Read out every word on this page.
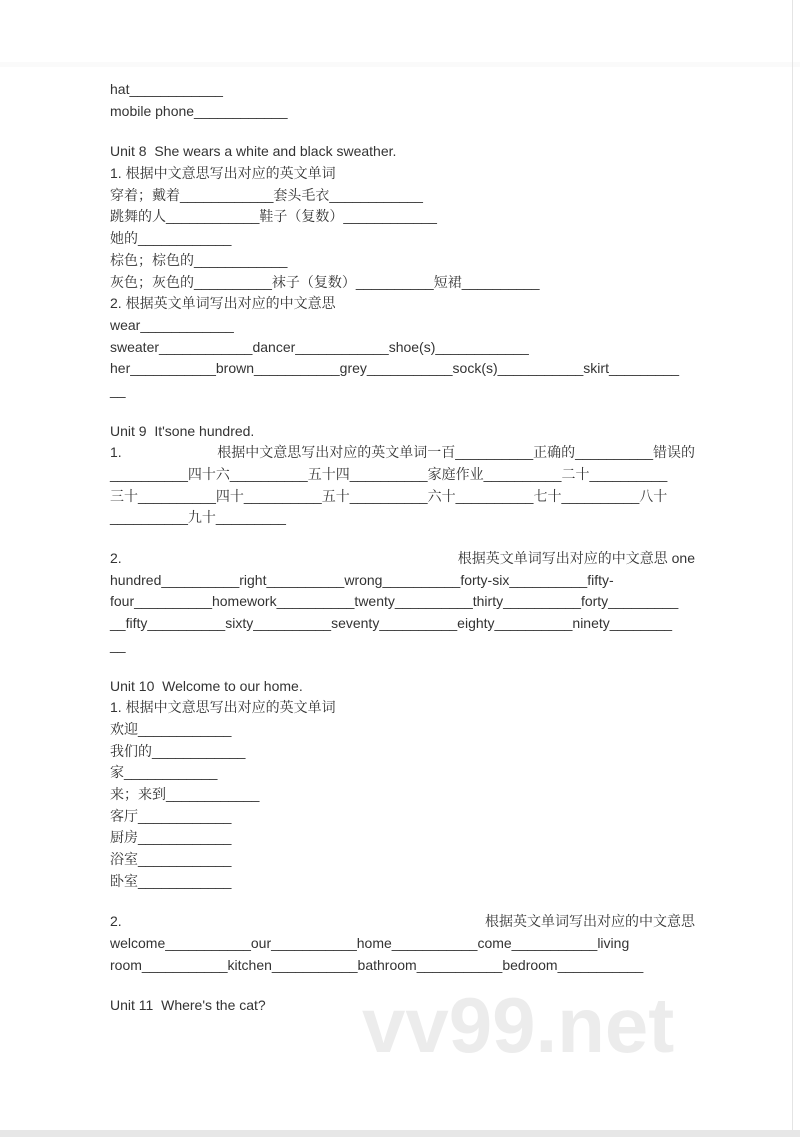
vv99.net
hat____________
mobile phone____________
Unit 8  She wears a white and black sweather.
1. 根据中文意思写出对应的英文单词
穿着；戴着____________套头毛衣____________
跳舞的人____________鞋子（复数）____________
她的____________
棕色；棕色的____________
灰色；灰色的__________袜子（复数）__________短裙__________
2. 根据英文单词写出对应的中文意思
wear____________
sweater____________dancer____________shoe(s)____________
her___________brown___________grey___________sock(s)___________skirt_________
__
Unit 9  It'sone hundred.
1.	根据中文意思写出对应的英文单词一百__________正确的__________错误的
__________四十六__________五十四__________家庭作业__________二十__________
三十__________四十__________五十__________六十__________七十__________八十
__________九十_________
2.	根据英文单词写出对应的中文意思 one
hundred__________right__________wrong__________forty-six__________fifty-
four__________homework__________twenty__________thirty__________forty_________
__fifty__________sixty__________seventy__________eighty__________ninety________
__
Unit 10  Welcome to our home.
1. 根据中文意思写出对应的英文单词
欢迎____________
我们的____________
家____________
来；来到____________
客厅____________
厨房____________
浴室____________
卧室____________
2.	根据英文单词写出对应的中文意思
welcome___________our___________home___________come___________living
room___________kitchen___________bathroom___________bedroom___________
Unit 11  Where's the cat?
